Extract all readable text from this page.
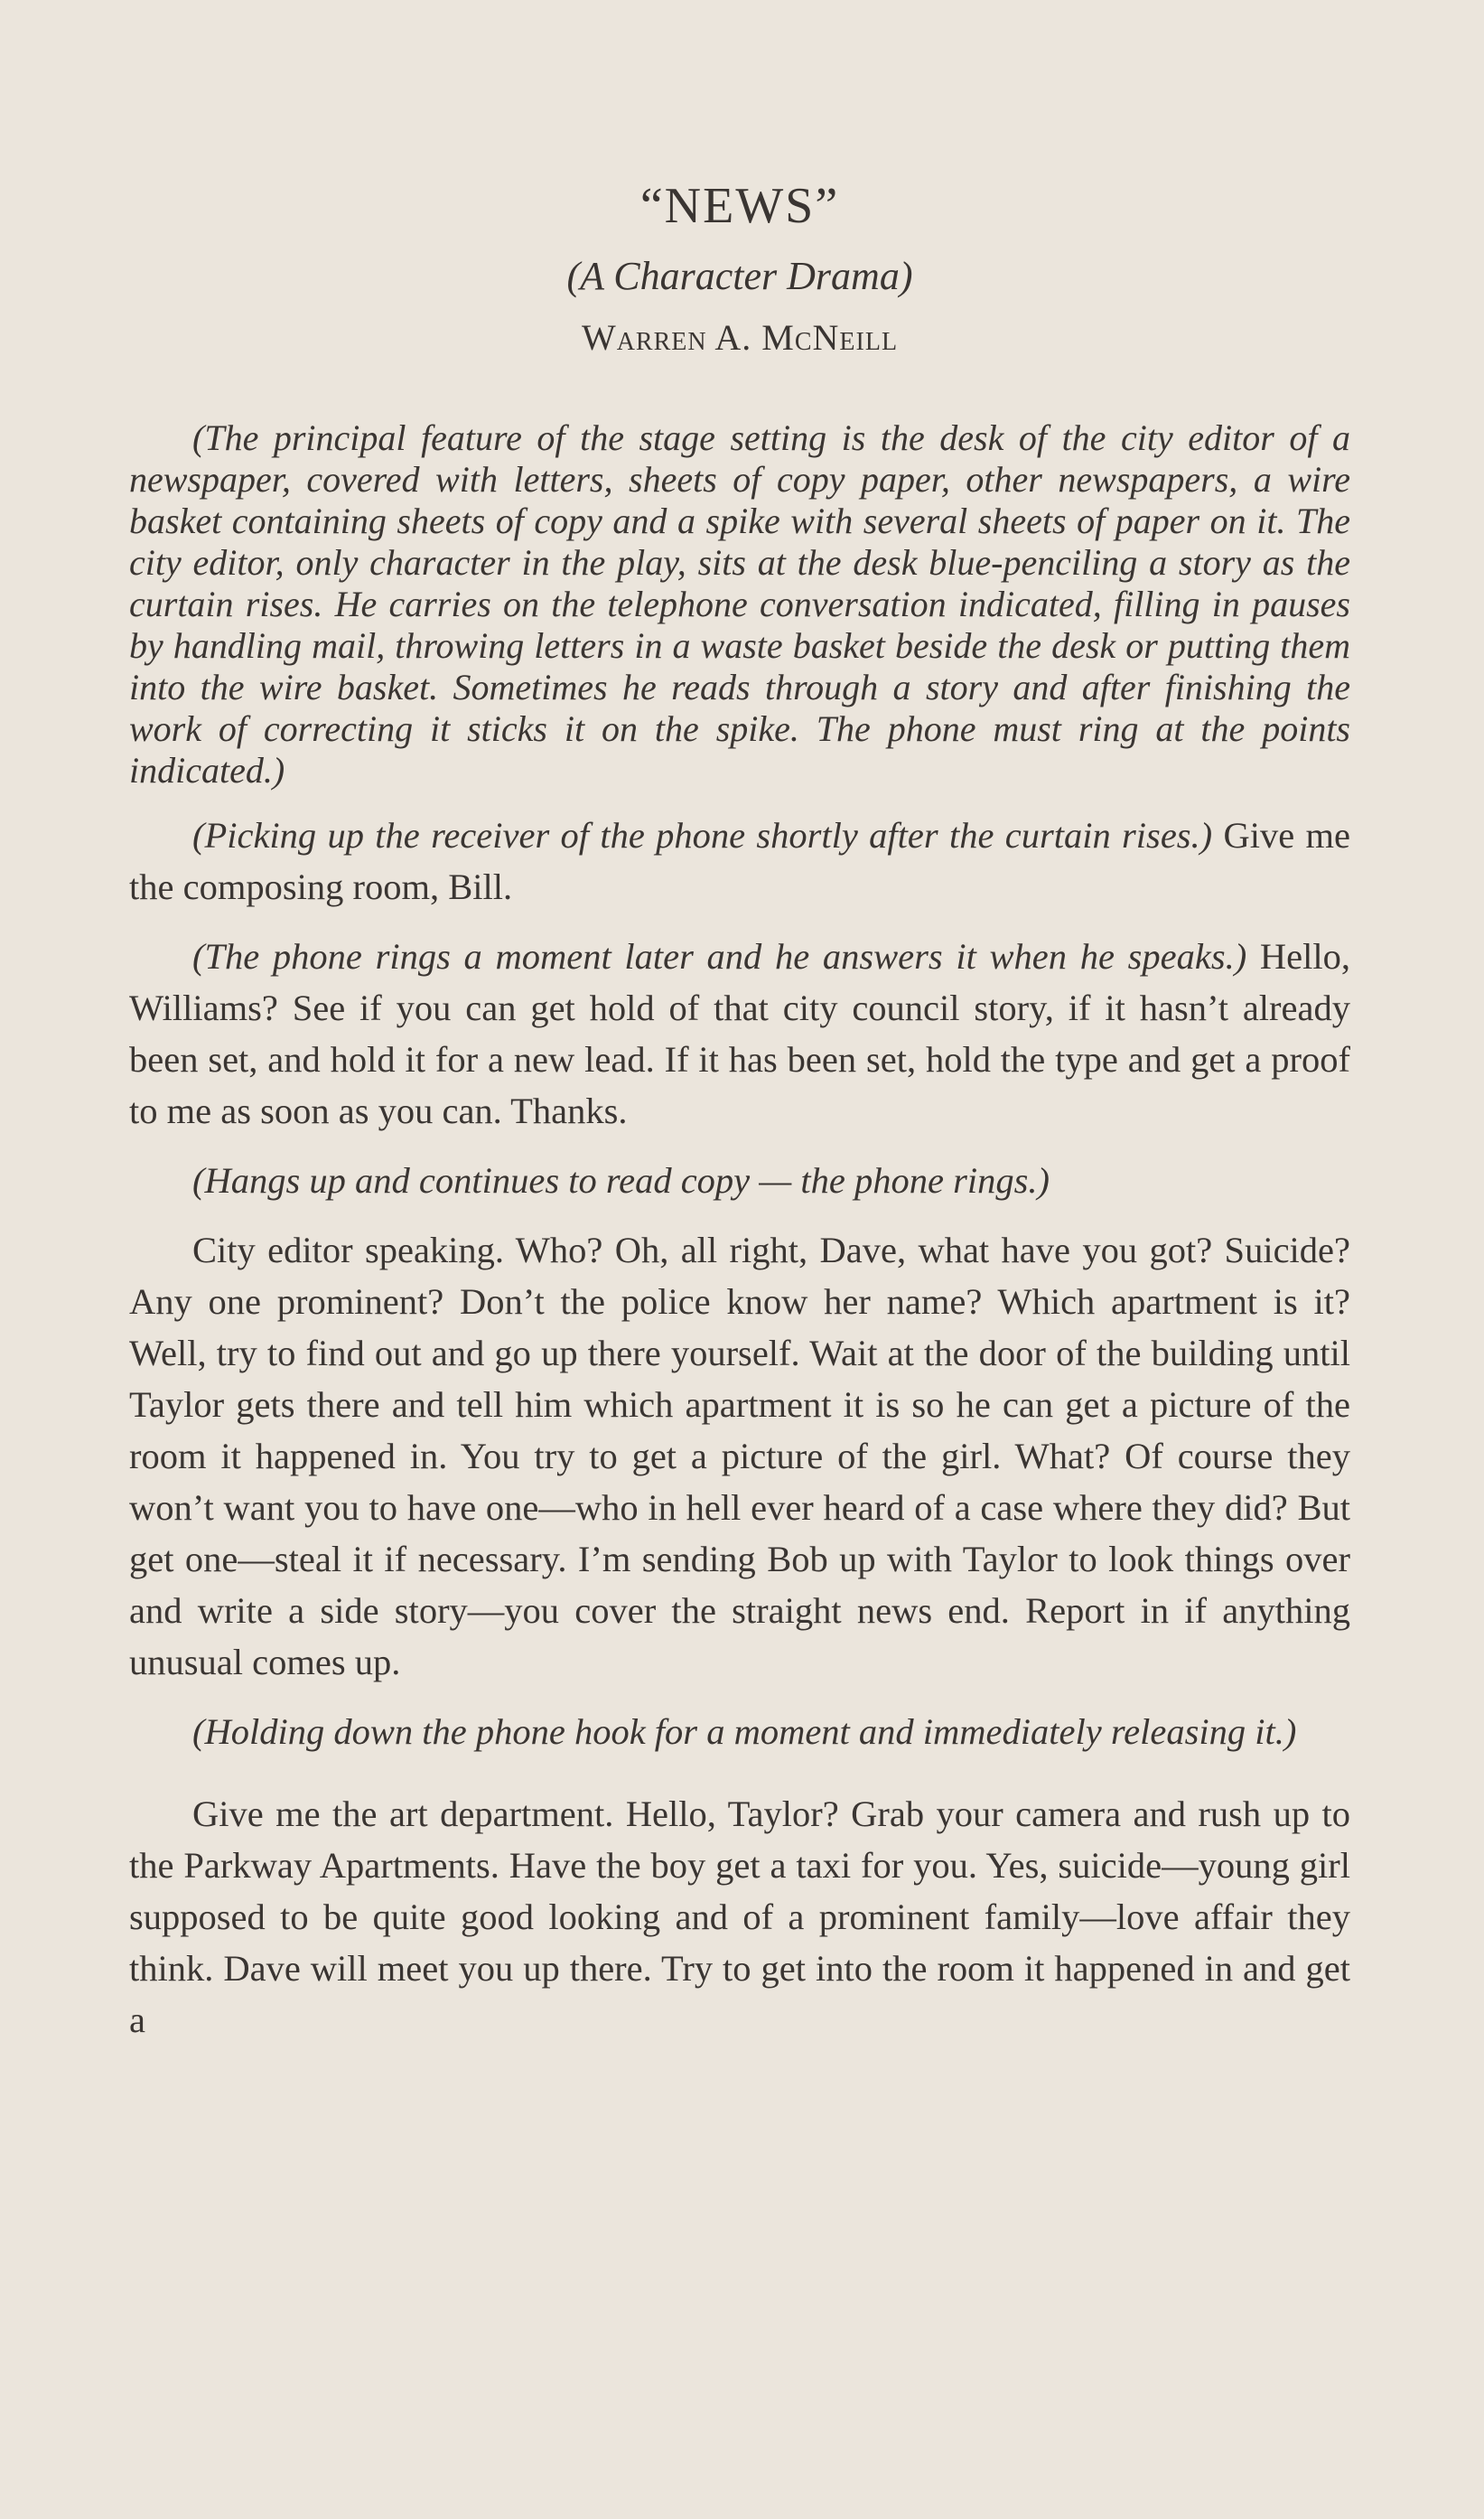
“NEWS”

(A Character Drama)

Warren A. McNeill

(The principal feature of the stage setting is the desk of the city editor of a newspaper, covered with letters, sheets of copy paper, other newspapers, a wire basket containing sheets of copy and a spike with several sheets of paper on it. The city editor, only character in the play, sits at the desk blue-penciling a story as the curtain rises. He carries on the telephone conversation indicated, filling in pauses by handling mail, throwing letters in a waste basket beside the desk or putting them into the wire basket. Sometimes he reads through a story and after finishing the work of correcting it sticks it on the spike. The phone must ring at the points indicated.)

(Picking up the receiver of the phone shortly after the curtain rises.) Give me the composing room, Bill.

(The phone rings a moment later and he answers it when he speaks.) Hello, Williams? See if you can get hold of that city council story, if it hasn’t already been set, and hold it for a new lead. If it has been set, hold the type and get a proof to me as soon as you can. Thanks.

(Hangs up and continues to read copy — the phone rings.)

City editor speaking. Who? Oh, all right, Dave, what have you got? Suicide? Any one prominent? Don’t the police know her name? Which apartment is it? Well, try to find out and go up there yourself. Wait at the door of the building until Taylor gets there and tell him which apartment it is so he can get a picture of the room it happened in. You try to get a picture of the girl. What? Of course they won’t want you to have one—who in hell ever heard of a case where they did? But get one—steal it if necessary. I’m sending Bob up with Taylor to look things over and write a side story—you cover the straight news end. Report in if anything unusual comes up.

(Holding down the phone hook for a moment and immediately releasing it.)

Give me the art department. Hello, Taylor? Grab your camera and rush up to the Parkway Apartments. Have the boy get a taxi for you. Yes, suicide—young girl supposed to be quite good looking and of a prominent family—love affair they think. Dave will meet you up there. Try to get into the room it happened in and get a
